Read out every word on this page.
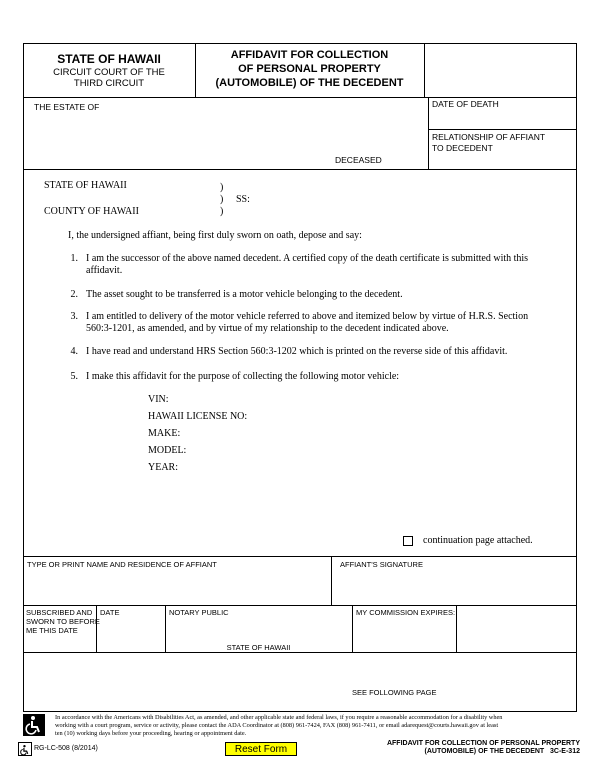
STATE OF HAWAII
CIRCUIT COURT OF THE
THIRD CIRCUIT
AFFIDAVIT FOR COLLECTION
OF PERSONAL PROPERTY
(AUTOMOBILE) OF THE DECEDENT
THE ESTATE OF
DECEASED
DATE OF DEATH
RELATIONSHIP OF AFFIANT
TO DECEDENT
STATE OF HAWAII	)
) SS:
)
COUNTY OF HAWAII
I, the undersigned affiant, being first duly sworn on oath, depose and say:
1. I am the successor of the above named decedent. A certified copy of the death certificate is submitted with this
affidavit.
2. The asset sought to be transferred is a motor vehicle belonging to the decedent.
3. I am entitled to delivery of the motor vehicle referred to above and itemized below by virtue of H.R.S. Section
560:3-1201, as amended, and by virtue of my relationship to the decedent indicated above.
4. I have read and understand HRS Section 560:3-1202 which is printed on the reverse side of this affidavit.
5. I make this affidavit for the purpose of collecting the following motor vehicle:
VIN:
HAWAII LICENSE NO:
MAKE:
MODEL:
YEAR:
continuation page attached.
TYPE OR PRINT NAME AND RESIDENCE OF AFFIANT	AFFIANT'S SIGNATURE
SUBSCRIBED AND
SWORN TO BEFORE
ME THIS DATE
DATE	NOTARY PUBLIC
STATE OF HAWAII
MY COMMISSION EXPIRES:
SEE FOLLOWING PAGE
In accordance with the Americans with Disabilities Act, as amended, and other applicable state and federal laws, if you require a reasonable accommodation for a disability when
working with a court program, service or activity, please contact the ADA Coordinator at (808) 961-7424, FAX (808) 961-7411, or email adarequest@courts.hawaii.gov at least
ten (10) working days before your proceeding, hearing or appointment date.
RG-LC-508 (8/2014)	Reset Form
AFFIDAVIT FOR COLLECTION OF PERSONAL PROPERTY
(AUTOMOBILE) OF THE DECEDENT   3C-E-312
